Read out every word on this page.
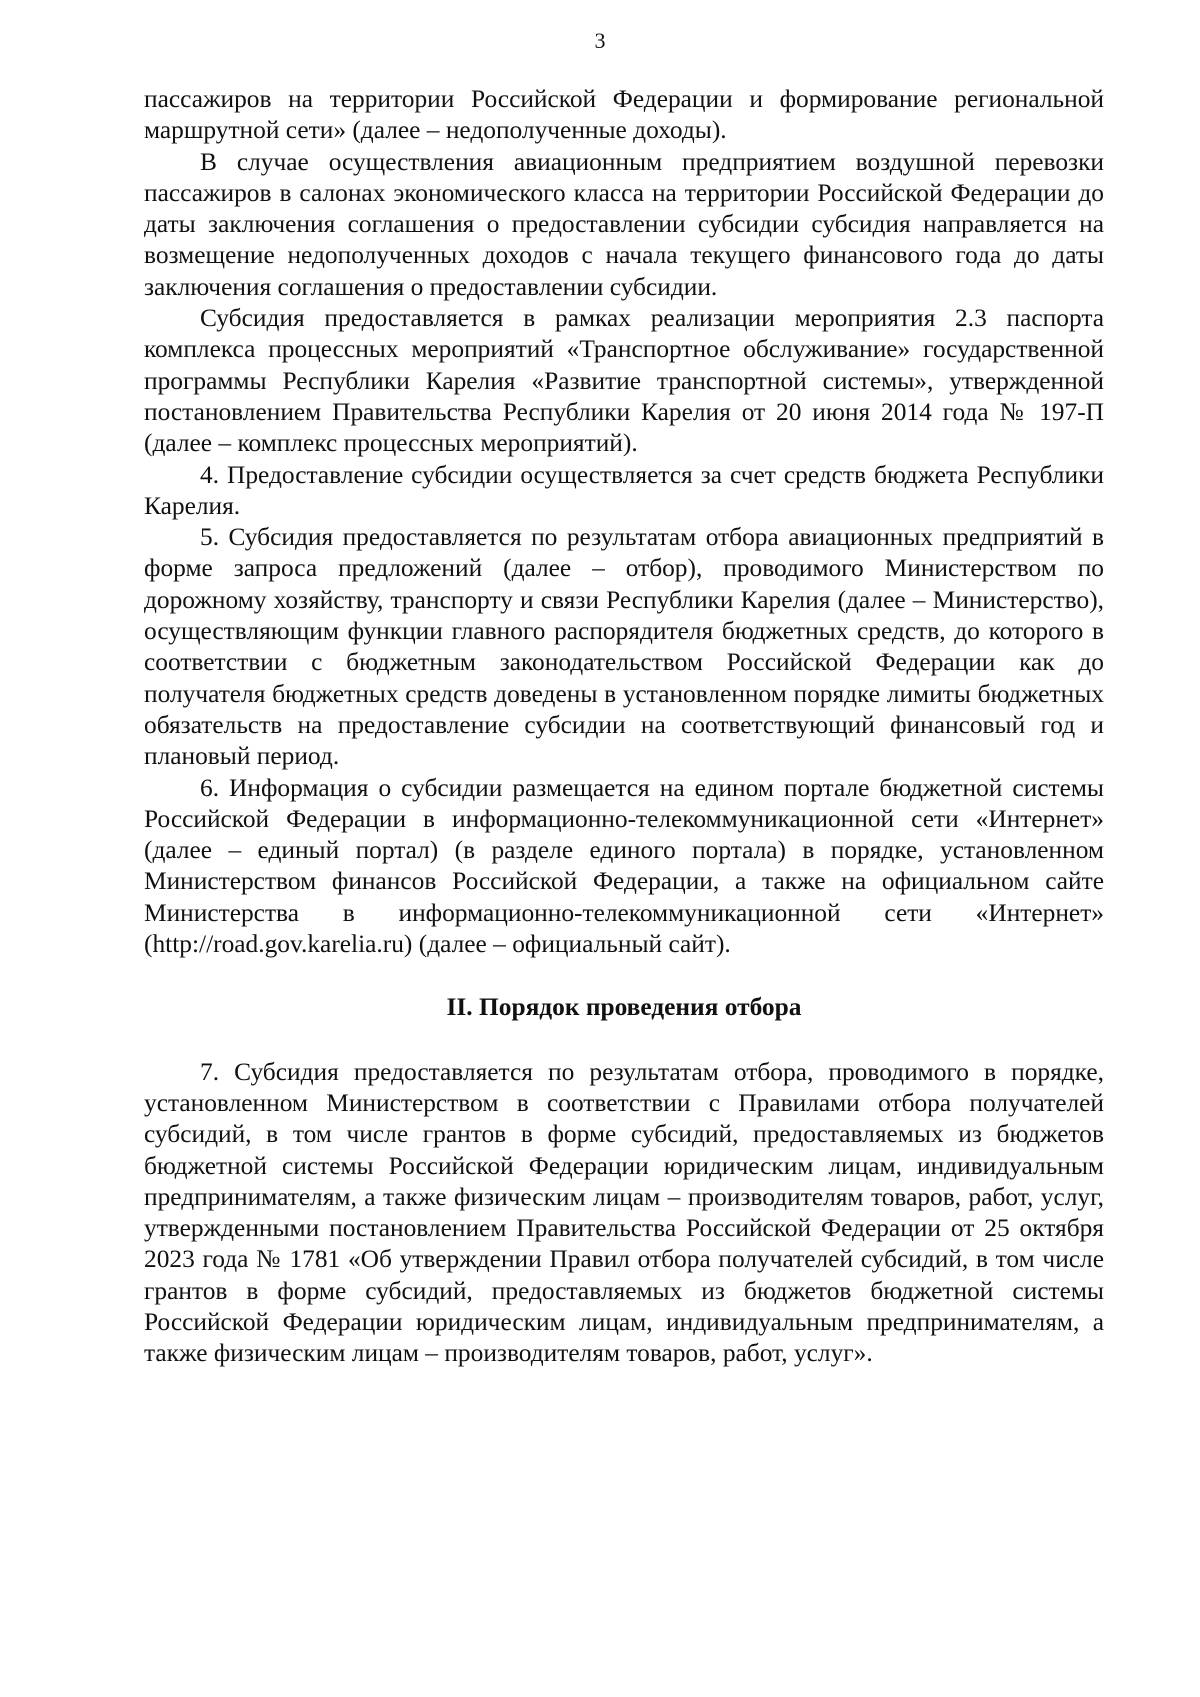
3

пассажиров на территории Российской Федерации и формирование региональной маршрутной сети» (далее – недополученные доходы).

В случае осуществления авиационным предприятием воздушной перевозки пассажиров в салонах экономического класса на территории Российской Федерации до даты заключения соглашения о предоставлении субсидии субсидия направляется на возмещение недополученных доходов с начала текущего финансового года до даты заключения соглашения о предоставлении субсидии.

Субсидия предоставляется в рамках реализации мероприятия 2.3 паспорта комплекса процессных мероприятий «Транспортное обслуживание» государственной программы Республики Карелия «Развитие транспортной системы», утвержденной постановлением Правительства Республики Карелия от 20 июня 2014 года № 197-П (далее – комплекс процессных мероприятий).

4. Предоставление субсидии осуществляется за счет средств бюджета Республики Карелия.

5. Субсидия предоставляется по результатам отбора авиационных предприятий в форме запроса предложений (далее – отбор), проводимого Министерством по дорожному хозяйству, транспорту и связи Республики Карелия (далее – Министерство), осуществляющим функции главного распорядителя бюджетных средств, до которого в соответствии с бюджетным законодательством Российской Федерации как до получателя бюджетных средств доведены в установленном порядке лимиты бюджетных обязательств на предоставление субсидии на соответствующий финансовый год и плановый период.

6. Информация о субсидии размещается на едином портале бюджетной системы Российской Федерации в информационно-телекоммуникационной сети «Интернет» (далее – единый портал) (в разделе единого портала) в порядке, установленном Министерством финансов Российской Федерации, а также на официальном сайте Министерства в информационно-телекоммуникационной сети «Интернет» (http://road.gov.karelia.ru) (далее – официальный сайт).

II. Порядок проведения отбора

7. Субсидия предоставляется по результатам отбора, проводимого в порядке, установленном Министерством в соответствии с Правилами отбора получателей субсидий, в том числе грантов в форме субсидий, предоставляемых из бюджетов бюджетной системы Российской Федерации юридическим лицам, индивидуальным предпринимателям, а также физическим лицам – производителям товаров, работ, услуг, утвержденными постановлением Правительства Российской Федерации от 25 октября 2023 года № 1781 «Об утверждении Правил отбора получателей субсидий, в том числе грантов в форме субсидий, предоставляемых из бюджетов бюджетной системы Российской Федерации юридическим лицам, индивидуальным предпринимателям, а также физическим лицам – производителям товаров, работ, услуг».
